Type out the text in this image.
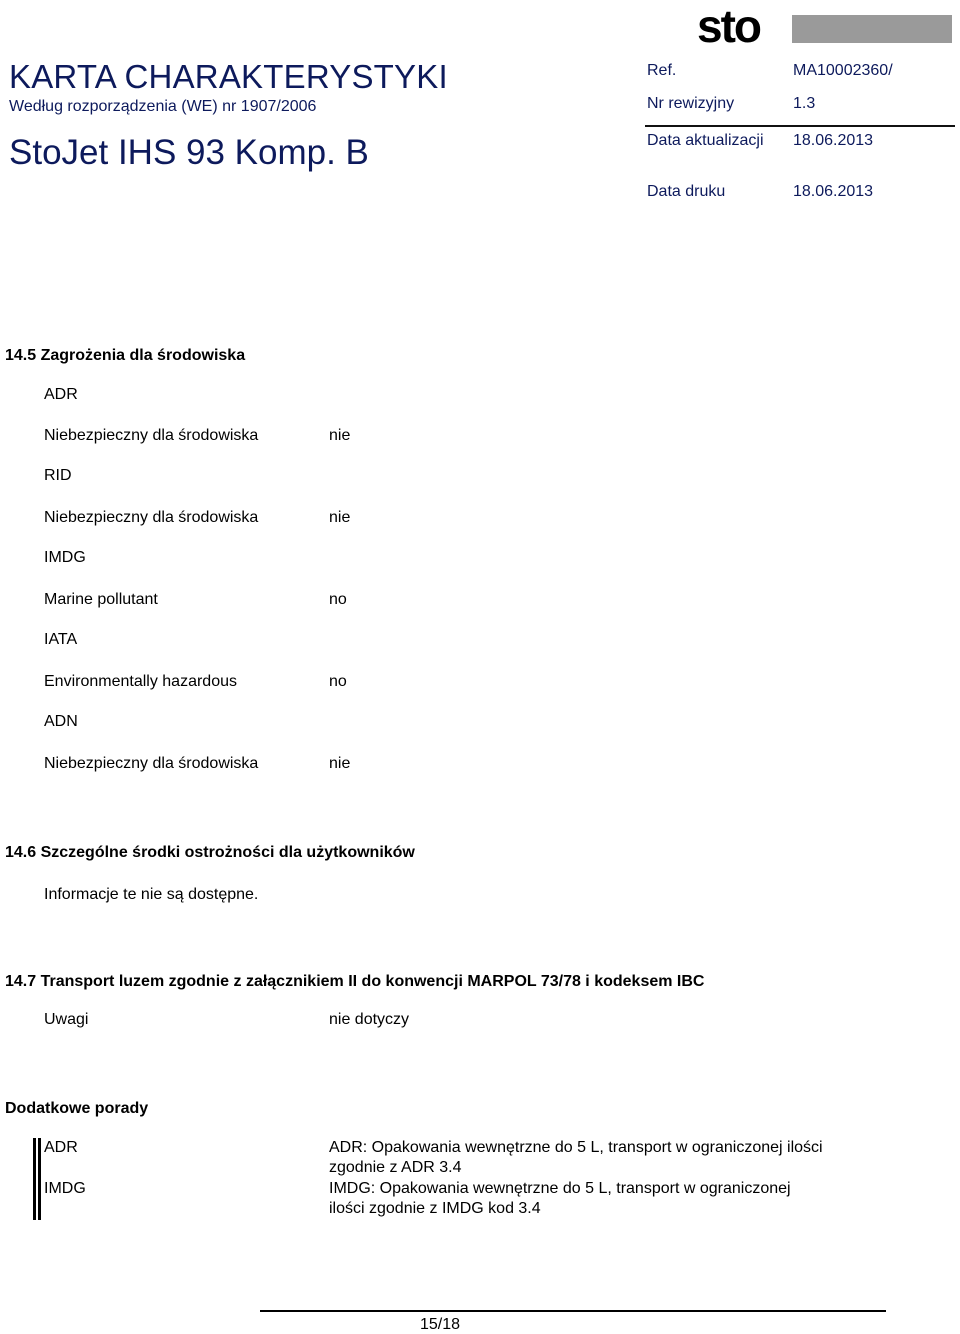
KARTA CHARAKTERYSTYKI
Według rozporządzenia (WE) nr 1907/2006
StoJet IHS 93 Komp. B
sto
Ref.	MA10002360/
Nr rewizyjny	1.3
Data aktualizacji 18.06.2013
Data druku	18.06.2013
14.5 Zagrożenia dla środowiska
ADR
Niebezpieczny dla środowiska	nie
RID
Niebezpieczny dla środowiska	nie
IMDG
Marine pollutant	no
IATA
Environmentally hazardous	no
ADN
Niebezpieczny dla środowiska	nie
14.6 Szczególne środki ostrożności dla użytkowników
Informacje te nie są dostępne.
14.7 Transport luzem zgodnie z załącznikiem II do konwencji MARPOL 73/78 i kodeksem IBC
Uwagi	nie dotyczy
Dodatkowe porady
ADR	ADR: Opakowania wewnętrzne do 5 L, transport w ograniczonej ilości
zgodnie z ADR 3.4
IMDG	IMDG: Opakowania wewnętrzne do 5 L, transport w ograniczonej
ilości zgodnie z IMDG kod 3.4
15/18
